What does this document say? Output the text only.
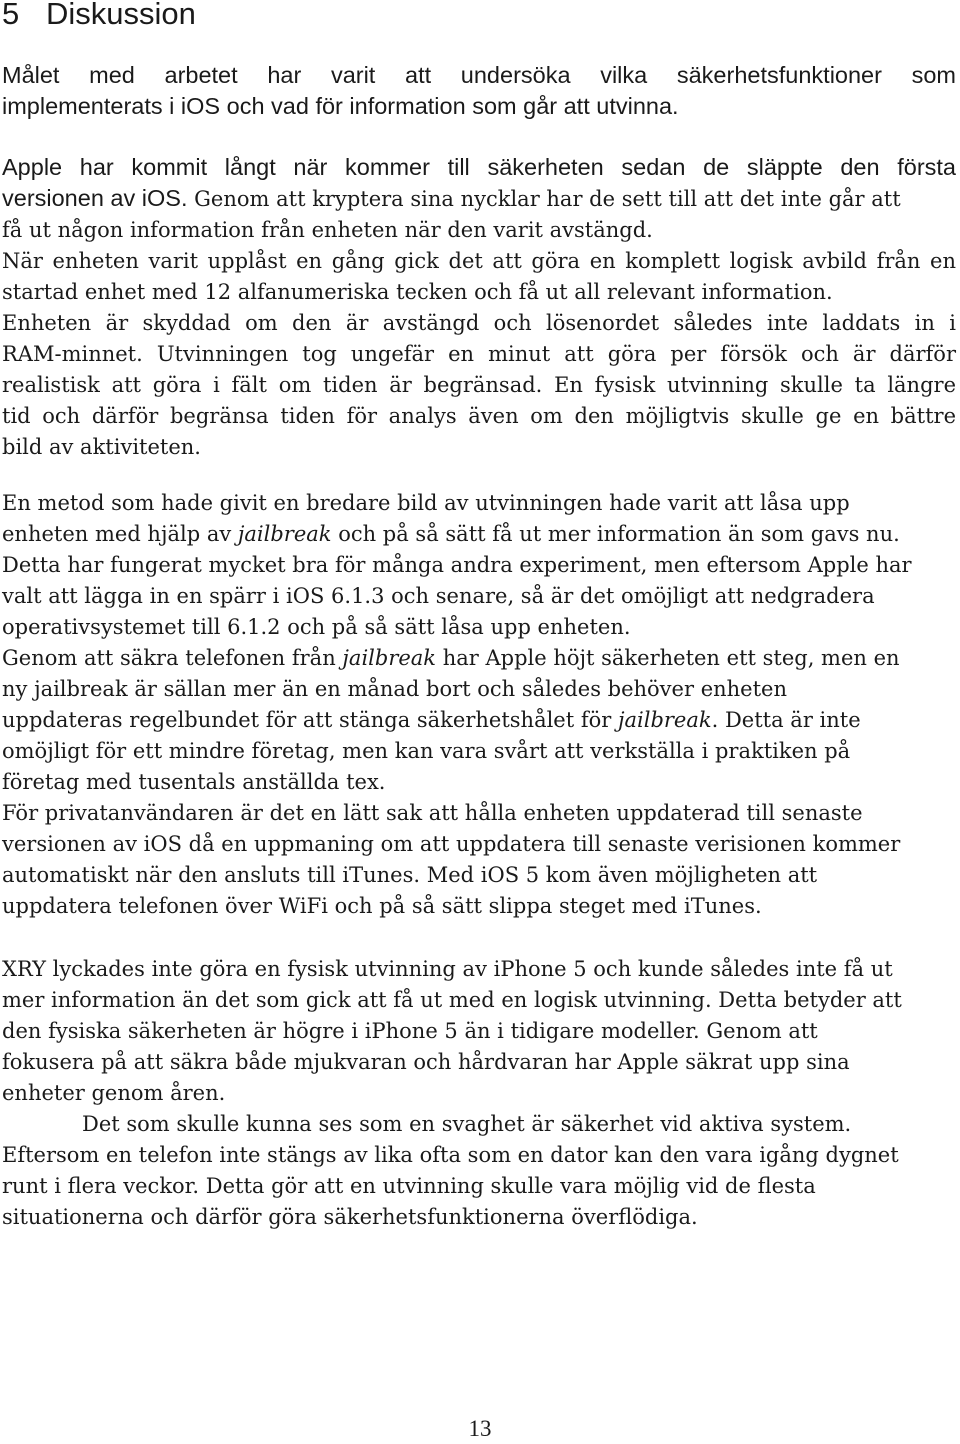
5 Diskussion
Målet med arbetet har varit att undersöka vilka säkerhetsfunktioner som
implementerats i iOS och vad för information som går att utvinna.
Apple har kommit långt när kommer till säkerheten sedan de släppte den första
versionen av iOS. Genom att kryptera sina nycklar har de sett till att det inte går att
få ut någon information från enheten när den varit avstängd.
När enheten varit upplåst en gång gick det att göra en komplett logisk avbild från en
startad enhet med 12 alfanumeriska tecken och få ut all relevant information.
Enheten är skyddad om den är avstängd och lösenordet således inte laddats in i
RAM-minnet. Utvinningen tog ungefär en minut att göra per försök och är därför
realistisk att göra i fält om tiden är begränsad. En fysisk utvinning skulle ta längre
tid och därför begränsa tiden för analys även om den möjligtvis skulle ge en bättre
bild av aktiviteten.
En metod som hade givit en bredare bild av utvinningen hade varit att låsa upp
enheten med hjälp av jailbreak och på så sätt få ut mer information än som gavs nu.
Detta har fungerat mycket bra för många andra experiment, men eftersom Apple har
valt att lägga in en spärr i iOS 6.1.3 och senare, så är det omöjligt att nedgradera
operativsystemet till 6.1.2 och på så sätt låsa upp enheten.
Genom att säkra telefonen från jailbreak har Apple höjt säkerheten ett steg, men en
ny jailbreak är sällan mer än en månad bort och således behöver enheten
uppdateras regelbundet för att stänga säkerhetshålet för jailbreak. Detta är inte
omöjligt för ett mindre företag, men kan vara svårt att verkställa i praktiken på
företag med tusentals anställda tex.
För privatanvändaren är det en lätt sak att hålla enheten uppdaterad till senaste
versionen av iOS då en uppmaning om att uppdatera till senaste verisionen kommer
automatiskt när den ansluts till iTunes. Med iOS 5 kom även möjligheten att
uppdatera telefonen över WiFi och på så sätt slippa steget med iTunes.
XRY lyckades inte göra en fysisk utvinning av iPhone 5 och kunde således inte få ut
mer information än det som gick att få ut med en logisk utvinning. Detta betyder att
den fysiska säkerheten är högre i iPhone 5 än i tidigare modeller. Genom att
fokusera på att säkra både mjukvaran och hårdvaran har Apple säkrat upp sina
enheter genom åren.
Det som skulle kunna ses som en svaghet är säkerhet vid aktiva system.
Eftersom en telefon inte stängs av lika ofta som en dator kan den vara igång dygnet
runt i flera veckor. Detta gör att en utvinning skulle vara möjlig vid de flesta
situationerna och därför göra säkerhetsfunktionerna överflödiga.
13
